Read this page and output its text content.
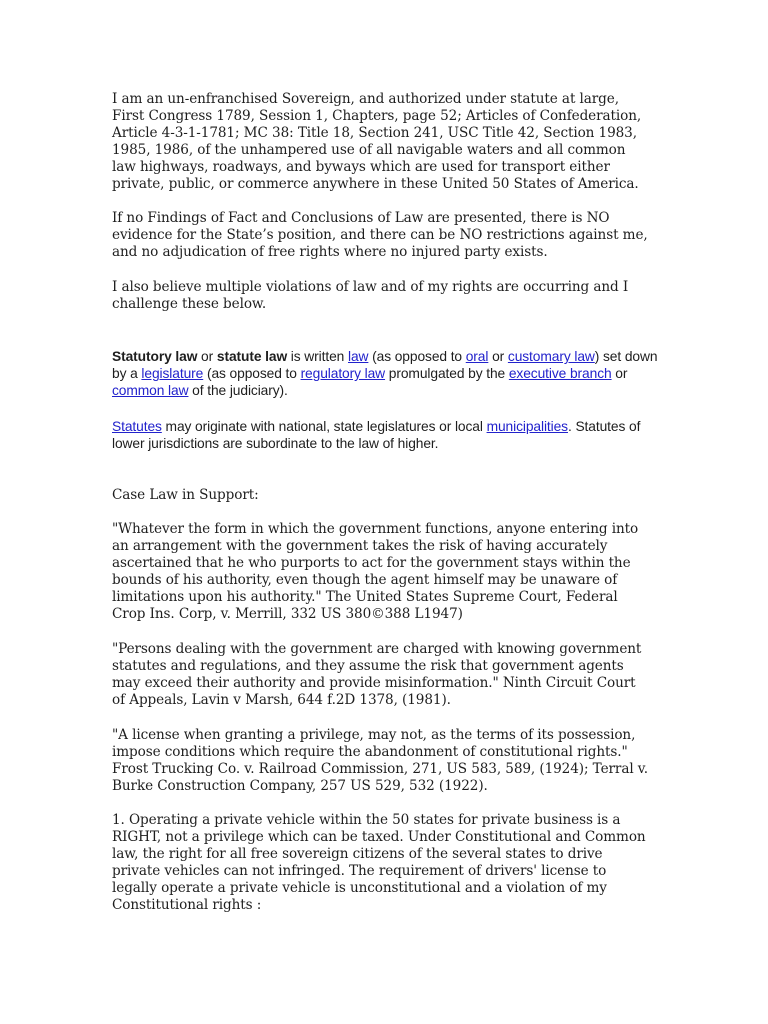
I am an un-enfranchised Sovereign, and authorized under statute at large, First Congress 1789, Session 1, Chapters, page 52; Articles of Confederation, Article 4-3-1-1781; MC 38: Title 18, Section 241, USC Title 42, Section 1983, 1985, 1986, of the unhampered use of all navigable waters and all common law highways, roadways, and byways which are used for transport either private, public, or commerce anywhere in these United 50 States of America.

If no Findings of Fact and Conclusions of Law are presented, there is NO evidence for the State’s position, and there can be NO restrictions against me, and no adjudication of free rights where no injured party exists.

I also believe multiple violations of law and of my rights are occurring and I challenge these below.

Statutory law or statute law is written law (as opposed to oral or customary law) set down by a legislature (as opposed to regulatory law promulgated by the executive branch or common law of the judiciary).

Statutes may originate with national, state legislatures or local municipalities. Statutes of lower jurisdictions are subordinate to the law of higher.

Case Law in Support:

"Whatever the form in which the government functions, anyone entering into an arrangement with the government takes the risk of having accurately ascertained that he who purports to act for the government stays within the bounds of his authority, even though the agent himself may be unaware of limitations upon his authority." The United States Supreme Court, Federal Crop Ins. Corp, v. Merrill, 332 US 380©388 L1947)

"Persons dealing with the government are charged with knowing government statutes and regulations, and they assume the risk that government agents may exceed their authority and provide misinformation." Ninth Circuit Court of Appeals, Lavin v Marsh, 644 f.2D 1378, (1981).

"A license when granting a privilege, may not, as the terms of its possession, impose conditions which require the abandonment of constitutional rights." Frost Trucking Co. v. Railroad Commission, 271, US 583, 589, (1924); Terral v. Burke Construction Company, 257 US 529, 532 (1922).

1. Operating a private vehicle within the 50 states for private business is a RIGHT, not a privilege which can be taxed. Under Constitutional and Common law, the right for all free sovereign citizens of the several states to drive private vehicles can not infringed. The requirement of drivers' license to legally operate a private vehicle is unconstitutional and a violation of my Constitutional rights :
